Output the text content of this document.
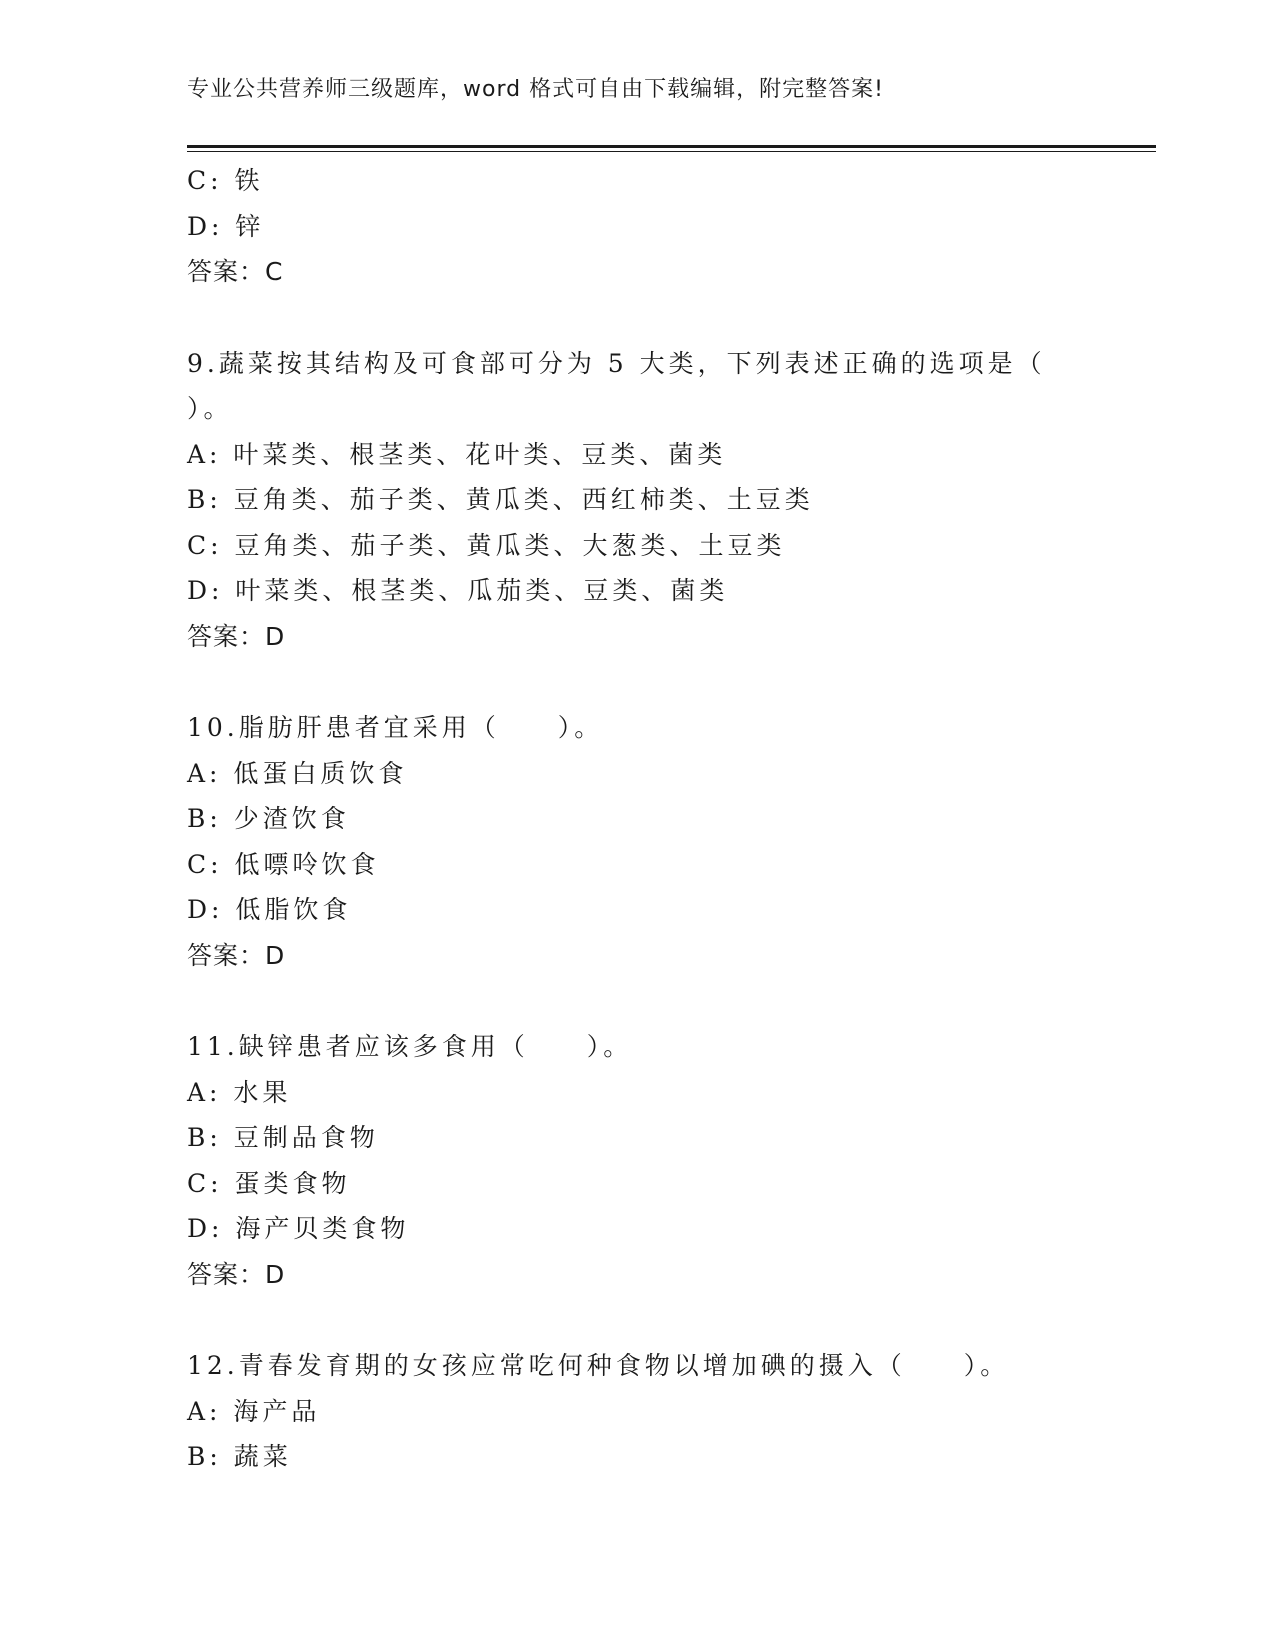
专业公共营养师三级题库，word 格式可自由下载编辑，附完整答案!
C: 铁
D: 锌
答案：C
9.蔬菜按其结构及可食部可分为 5 大类，下列表述正确的选项是（
）。
A: 叶菜类、根茎类、花叶类、豆类、菌类
B: 豆角类、茄子类、黄瓜类、西红柿类、土豆类
C: 豆角类、茄子类、黄瓜类、大葱类、土豆类
D: 叶菜类、根茎类、瓜茄类、豆类、菌类
答案：D
10.脂肪肝患者宜采用（　　）。
A: 低蛋白质饮食
B: 少渣饮食
C: 低嘌呤饮食
D: 低脂饮食
答案：D
11.缺锌患者应该多食用（　　）。
A: 水果
B: 豆制品食物
C: 蛋类食物
D: 海产贝类食物
答案：D
12.青春发育期的女孩应常吃何种食物以增加碘的摄入（　　）。
A: 海产品
B: 蔬菜
